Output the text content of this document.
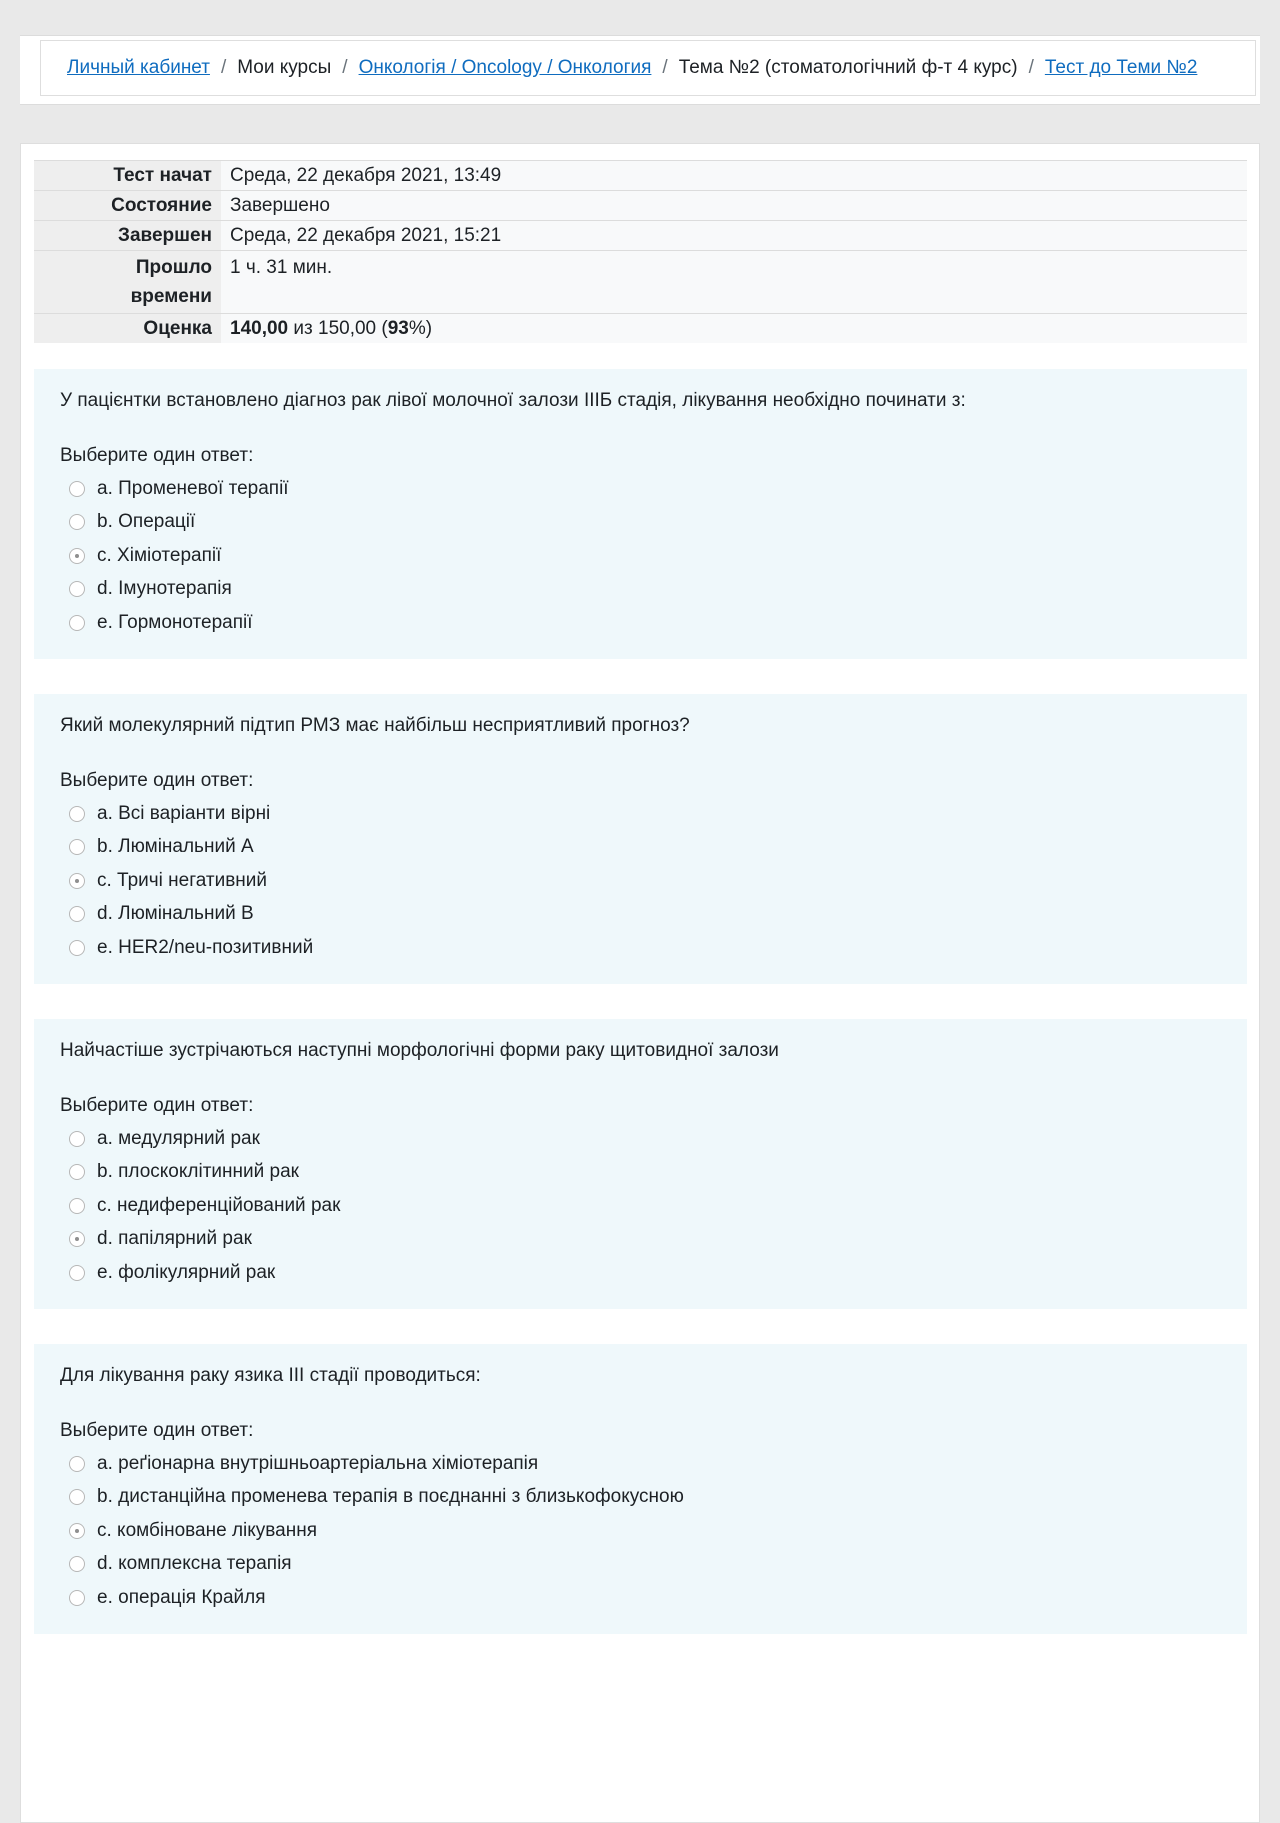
Личный кабинет / Мои курсы / Онкологія / Oncology / Онкология / Тема №2 (стоматологічний ф-т 4 курс) / Тест до Теми №2
Тест начат	Среда, 22 декабря 2021, 13:49
Состояние	Завершено
Завершен	Среда, 22 декабря 2021, 15:21
Прошло
времени	1 ч. 31 мин.
Оценка	140,00 из 150,00 (93%)
У пацієнтки встановлено діагноз рак лівої молочної залози IIIБ стадія, лікування необхідно починати з:
Выберите один ответ:
a. Променевої терапії
b. Операції
c. Хіміотерапії
d. Імунотерапія
e. Гормонотерапії
Який молекулярний підтип РМЗ має найбільш несприятливий прогноз?
Выберите один ответ:
a. Всі варіанти вірні
b. Люмінальний А
c. Тричі негативний
d. Люмінальний В
e. HER2/neu-позитивний
Найчастіше зустрічаються наступні морфологічні форми раку щитовидної залози
Выберите один ответ:
a. медулярний рак
b. плоскоклітинний рак
c. недиференційований рак
d. папілярний рак
e. фолікулярний рак
Для лікування раку язика III стадії проводиться:
Выберите один ответ:
a. реґіонарна внутрішньоартеріальна хіміотерапія
b. дистанційна променева терапія в поєднанні з близькофокусною
c. комбіноване лікування
d. комплексна терапія
e. операція Крайля
